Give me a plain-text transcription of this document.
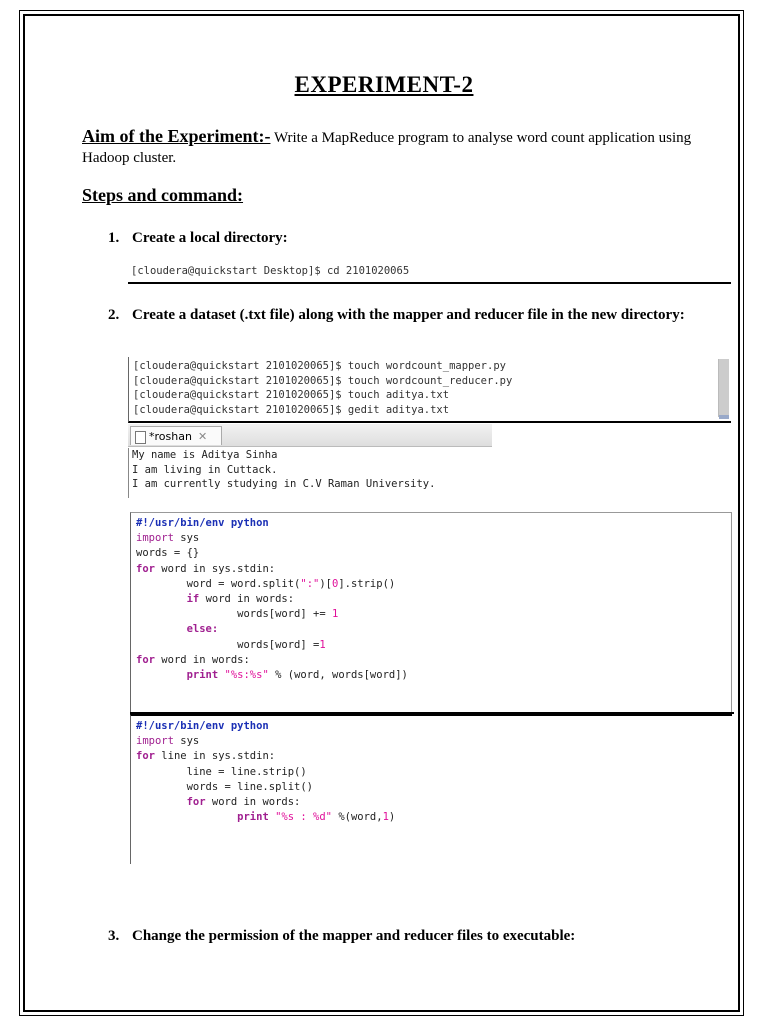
EXPERIMENT-2
Aim of the Experiment:- Write a MapReduce program to analyse word count application using Hadoop cluster.
Steps and command:
1. Create a local directory:
[cloudera@quickstart Desktop]$ cd 2101020065
2. Create a dataset (.txt file) along with the mapper and reducer file in the new directory:
[cloudera@quickstart 2101020065]$ touch wordcount_mapper.py
[cloudera@quickstart 2101020065]$ touch wordcount_reducer.py
[cloudera@quickstart 2101020065]$ touch aditya.txt
[cloudera@quickstart 2101020065]$ gedit aditya.txt
*roshan ✕
My name is Aditya Sinha
I am living in Cuttack.
I am currently studying in C.V Raman University.
#!/usr/bin/env python
import sys
words = {}
for word in sys.stdin:
word = word.split(":")[0].strip()
if word in words:
words[word] += 1
else:
words[word] =1
for word in words:
print "%s:%s" % (word, words[word])
#!/usr/bin/env python
import sys
for line in sys.stdin:
line = line.strip()
words = line.split()
for word in words:
print "%s : %d" %(word,1)
3. Change the permission of the mapper and reducer files to executable:
